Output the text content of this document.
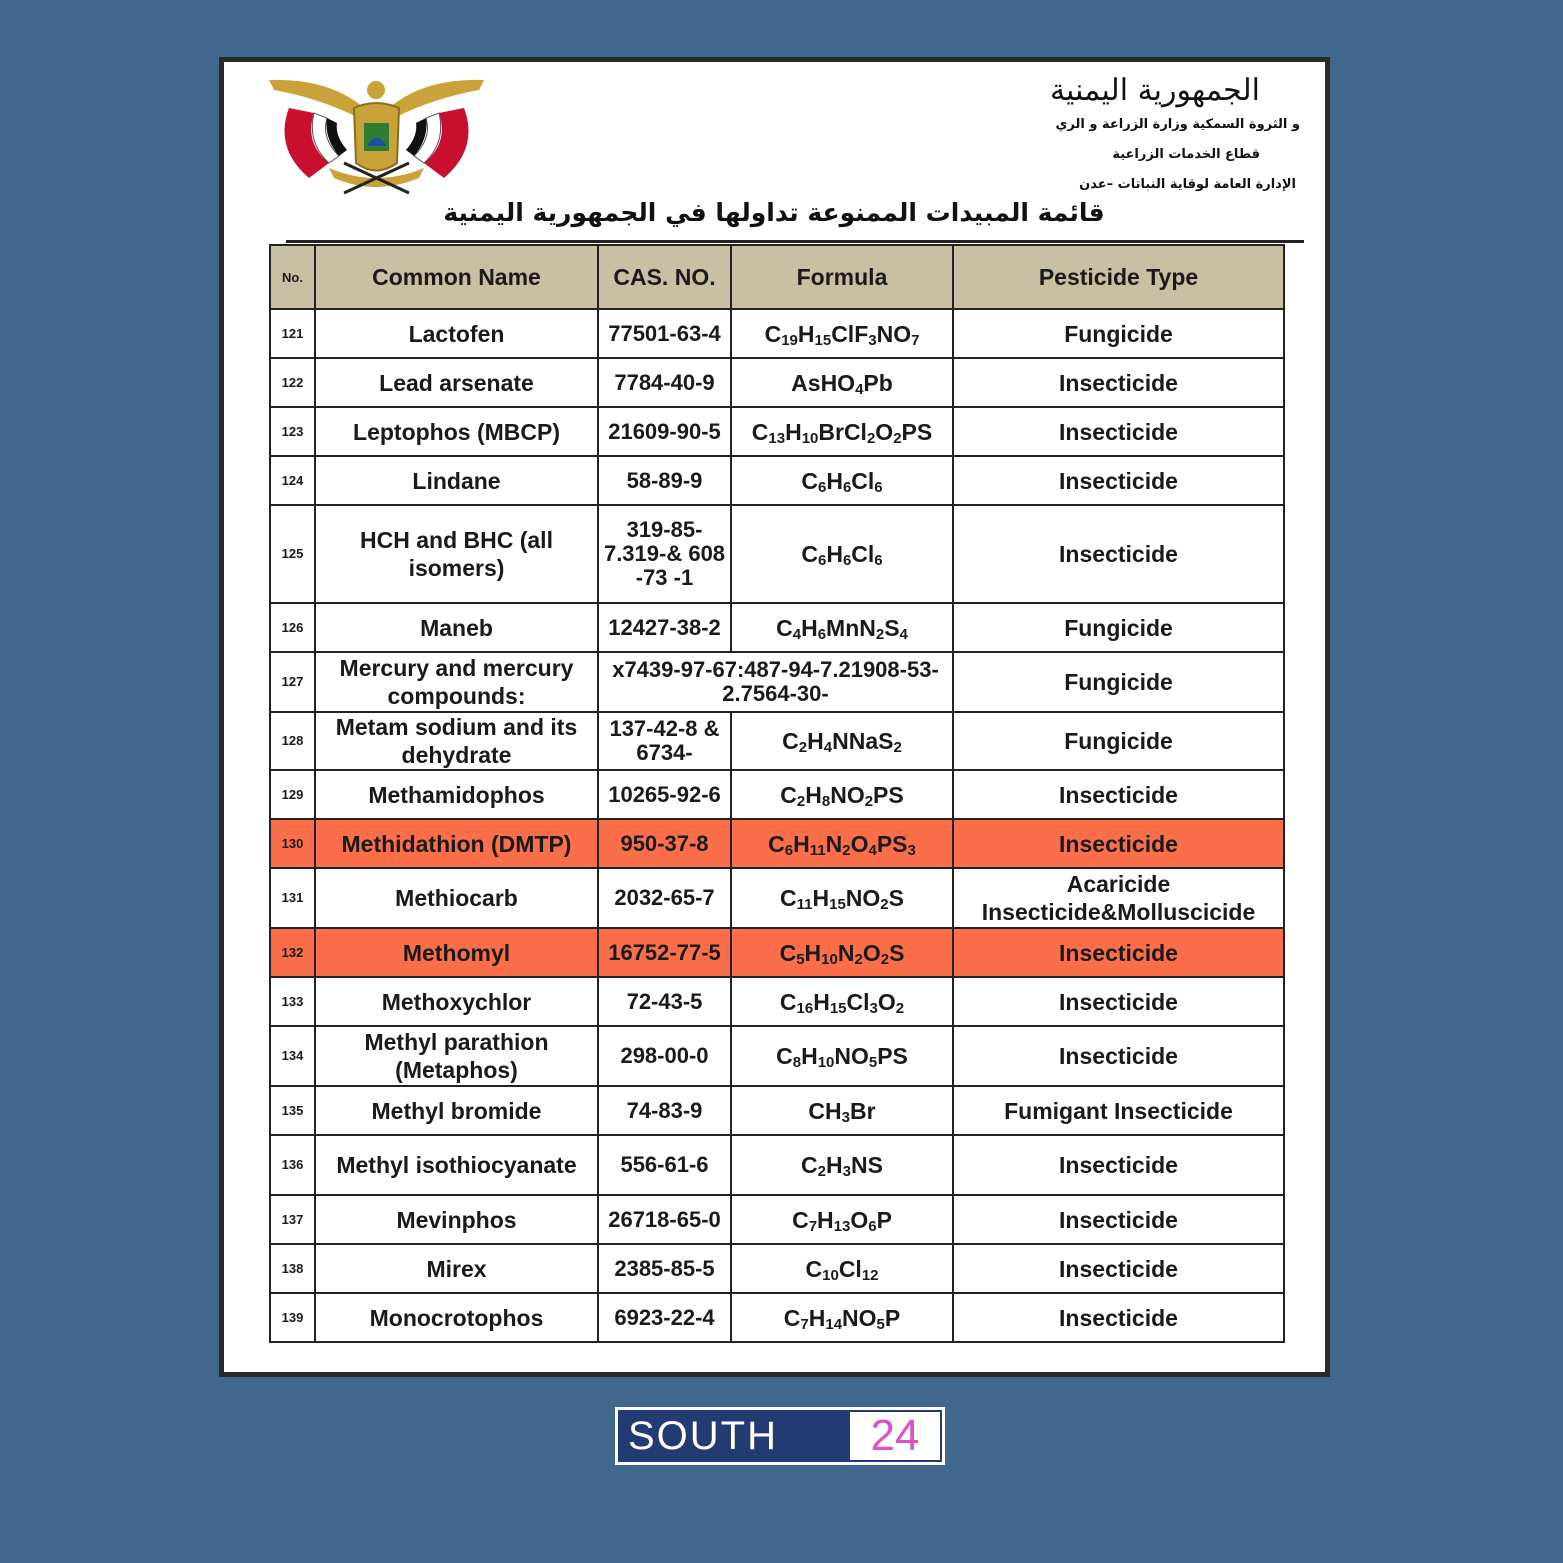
الجمهورية اليمنية
و الثروة السمكية وزارة الزراعة و الري
قطاع الخدمات الزراعية
الإدارة العامة لوقاية النباتات –عدن
قائمة المبيدات الممنوعة تداولها في الجمهورية اليمنية
No.	Common Name	CAS. NO.	Formula	Pesticide Type
121	Lactofen	77501-63-4	$C_{19}H_{15}ClF_3NO_7$	Fungicide
122	Lead arsenate	7784-40-9	AsHO$_4$Pb	Insecticide
123	Leptophos (MBCP)	21609-90-5	$C_{13}H_{10}BrCl_2O_2PS$	Insecticide
124	Lindane	58-89-9	$C_6H_6Cl_6$	Insecticide
125	HCH and BHC (all isomers)	319-85-7.319-& 608 -73 -1	$C_6H_6Cl_6$	Insecticide
126	Maneb	12427-38-2	$C_4H_6MnN_2S_4$	Fungicide
127	Mercury and mercury compounds:	x7439-97-67:487-94-7.21908-53-2.7564-30-		Fungicide
128	Metam sodium and its dehydrate	137-42-8 & 6734-	$C_2H_4NNaS_2$	Fungicide
129	Methamidophos	10265-92-6	$C_2H_8NO_2PS$	Insecticide
130	Methidathion (DMTP)	950-37-8	$C_6H_{11}N_2O_4PS_3$	Insecticide
131	Methiocarb	2032-65-7	$C_{11}H_{15}NO_2S$	Acaricide Insecticide&Molluscicide
132	Methomyl	16752-77-5	$C_5H_{10}N_2O_2S$	Insecticide
133	Methoxychlor	72-43-5	$C_{16}H_{15}Cl_3O_2$	Insecticide
134	Methyl parathion (Metaphos)	298-00-0	$C_8H_{10}NO_5PS$	Insecticide
135	Methyl bromide	74-83-9	$CH_3Br$	Fumigant Insecticide
136	Methyl isothiocyanate	556-61-6	$C_2H_3NS$	Insecticide
137	Mevinphos	26718-65-0	$C_7H_{13}O_6P$	Insecticide
138	Mirex	2385-85-5	$C_{10}Cl_{12}$	Insecticide
139	Monocrotophos	6923-22-4	$C_7H_{14}NO_5P$	Insecticide
SOUTH	24
